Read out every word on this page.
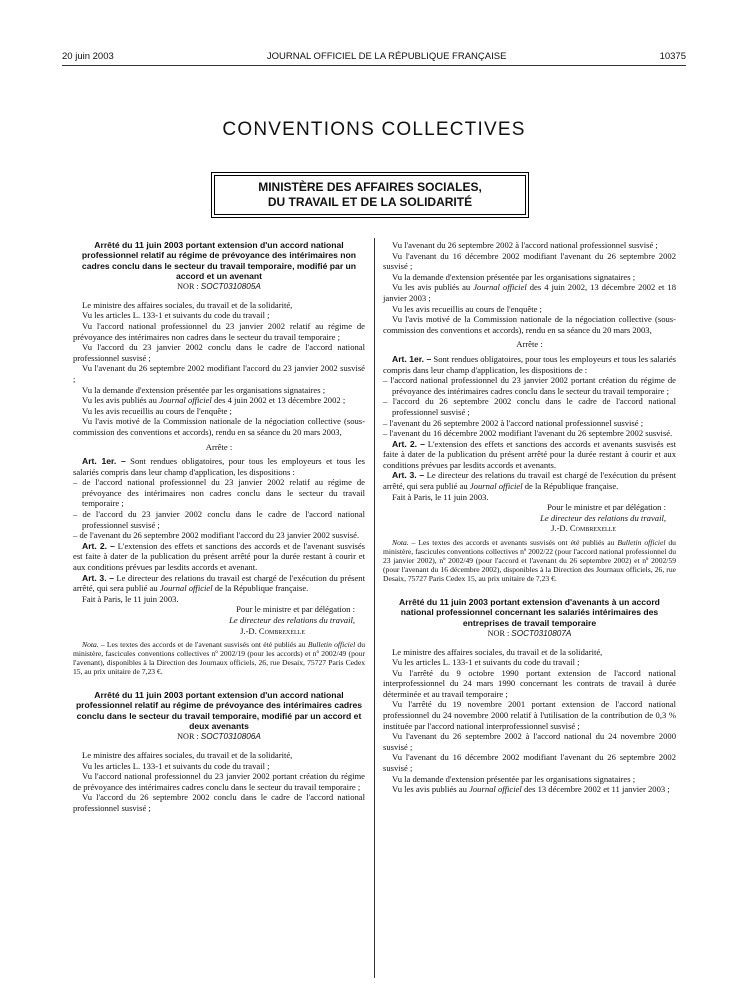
20 juin 2003	JOURNAL OFFICIEL DE LA RÉPUBLIQUE FRANÇAISE	10375
CONVENTIONS COLLECTIVES
MINISTÈRE DES AFFAIRES SOCIALES,
DU TRAVAIL ET DE LA SOLIDARITÉ
Arrêté du 11 juin 2003 portant extension d'un accord national professionnel relatif au régime de prévoyance des intérimaires non cadres conclu dans le secteur du travail temporaire, modifié par un accord et un avenant
NOR : SOCT0310805A

Le ministre des affaires sociales, du travail et de la solidarité,

Vu les articles L. 133-1 et suivants du code du travail ;

Vu l'accord national professionnel du 23 janvier 2002 relatif au régime de prévoyance des intérimaires non cadres dans le secteur du travail temporaire ;

Vu l'accord du 23 janvier 2002 conclu dans le cadre de l'accord national professionnel susvisé ;

Vu l'avenant du 26 septembre 2002 modifiant l'accord du 23 janvier 2002 susvisé ;

Vu la demande d'extension présentée par les organisations signataires ;

Vu les avis publiés au Journal officiel des 4 juin 2002 et 13 décembre 2002 ;

Vu les avis recueillis au cours de l'enquête ;

Vu l'avis motivé de la Commission nationale de la négociation collective (sous-commission des conventions et accords), rendu en sa séance du 20 mars 2003,

Arrête :

Art. 1er. – Sont rendues obligatoires, pour tous les employeurs et tous les salariés compris dans leur champ d'application, les dispositions :

– de l'accord national professionnel du 23 janvier 2002 relatif au régime de prévoyance des intérimaires non cadres conclu dans le secteur du travail temporaire ;

– de l'accord du 23 janvier 2002 conclu dans le cadre de l'accord national professionnel susvisé ;

– de l'avenant du 26 septembre 2002 modifiant l'accord du 23 janvier 2002 susvisé.

Art. 2. – L'extension des effets et sanctions des accords et de l'avenant susvisés est faite à dater de la publication du présent arrêté pour la durée restant à courir et aux conditions prévues par lesdits accords et avenant.

Art. 3. – Le directeur des relations du travail est chargé de l'exécution du présent arrêté, qui sera publié au Journal officiel de la République française.

Fait à Paris, le 11 juin 2003.

Pour le ministre et par délégation :
Le directeur des relations du travail,
J.-D. Combrexelle

Nota. – Les textes des accords et de l'avenant susvisés ont été publiés au Bulletin officiel du ministère, fascicules conventions collectives nº 2002/19 (pour les accords) et nº 2002/49 (pour l'avenant), disponibles à la Direction des Journaux officiels, 26, rue Desaix, 75727 Paris Cedex 15, au prix unitaire de 7,23 €.

Arrêté du 11 juin 2003 portant extension d'un accord national professionnel relatif au régime de prévoyance des intérimaires cadres conclu dans le secteur du travail temporaire, modifié par un accord et deux avenants
NOR : SOCT0310806A

Le ministre des affaires sociales, du travail et de la solidarité,

Vu les articles L. 133-1 et suivants du code du travail ;

Vu l'accord national professionnel du 23 janvier 2002 portant création du régime de prévoyance des intérimaires cadres conclu dans le secteur du travail temporaire ;

Vu l'accord du 26 septembre 2002 conclu dans le cadre de l'accord national professionnel susvisé ;

Vu l'avenant du 26 septembre 2002 à l'accord national professionnel susvisé ;

Vu l'avenant du 16 décembre 2002 modifiant l'avenant du 26 septembre 2002 susvisé ;

Vu la demande d'extension présentée par les organisations signataires ;

Vu les avis publiés au Journal officiel des 4 juin 2002, 13 décembre 2002 et 18 janvier 2003 ;

Vu les avis recueillis au cours de l'enquête ;

Vu l'avis motivé de la Commission nationale de la négociation collective (sous-commission des conventions et accords), rendu en sa séance du 20 mars 2003,

Arrête :

Art. 1er. – Sont rendues obligatoires, pour tous les employeurs et tous les salariés compris dans leur champ d'application, les dispositions de :

– l'accord national professionnel du 23 janvier 2002 portant création du régime de prévoyance des intérimaires cadres conclu dans le secteur du travail temporaire ;

– l'accord du 26 septembre 2002 conclu dans le cadre de l'accord national professionnel susvisé ;

– l'avenant du 26 septembre 2002 à l'accord national professionnel susvisé ;

– l'avenant du 16 décembre 2002 modifiant l'avenant du 26 septembre 2002 susvisé.

Art. 2. – L'extension des effets et sanctions des accords et avenants susvisés est faite à dater de la publication du présent arrêté pour la durée restant à courir et aux conditions prévues par lesdits accords et avenants.

Art. 3. – Le directeur des relations du travail est chargé de l'exécution du présent arrêté, qui sera publié au Journal officiel de la République française.

Fait à Paris, le 11 juin 2003.

Pour le ministre et par délégation :
Le directeur des relations du travail,
J.-D. Combrexelle

Nota. – Les textes des accords et avenants susvisés ont été publiés au Bulletin officiel du ministère, fascicules conventions collectives nº 2002/22 (pour l'accord national professionnel du 23 janvier 2002), nº 2002/49 (pour l'accord et l'avenant du 26 septembre 2002) et nº 2002/59 (pour l'avenant du 16 décembre 2002), disponibles à la Direction des Journaux officiels, 26, rue Desaix, 75727 Paris Cedex 15, au prix unitaire de 7,23 €.

Arrêté du 11 juin 2003 portant extension d'avenants à un accord national professionnel concernant les salariés intérimaires des entreprises de travail temporaire
NOR : SOCT0310807A

Le ministre des affaires sociales, du travail et de la solidarité,

Vu les articles L. 133-1 et suivants du code du travail ;

Vu l'arrêté du 9 octobre 1990 portant extension de l'accord national interprofessionnel du 24 mars 1990 concernant les contrats de travail à durée déterminée et au travail temporaire ;

Vu l'arrêté du 19 novembre 2001 portant extension de l'accord national professionnel du 24 novembre 2000 relatif à l'utilisation de la contribution de 0,3 % instituée par l'accord national interprofessionnel susvisé ;

Vu l'avenant du 26 septembre 2002 à l'accord national du 24 novembre 2000 susvisé ;

Vu l'avenant du 16 décembre 2002 modifiant l'avenant du 26 septembre 2002 susvisé ;

Vu la demande d'extension présentée par les organisations signataires ;

Vu les avis publiés au Journal officiel des 13 décembre 2002 et 11 janvier 2003 ;
